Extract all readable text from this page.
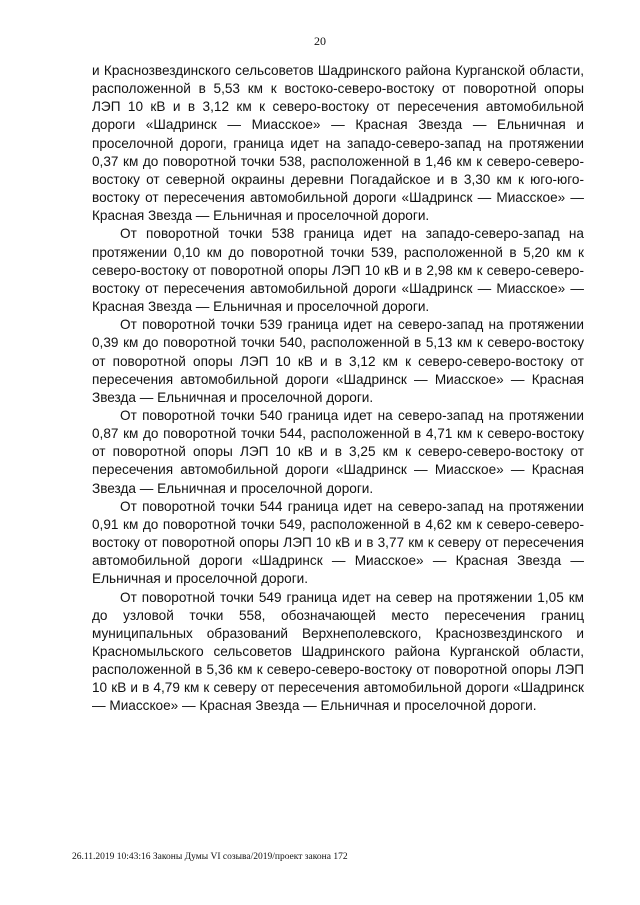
20

и Краснозвездинского сельсоветов Шадринского района Курганской области, расположенной в 5,53 км к востоко-северо-востоку от поворотной опоры ЛЭП 10 кВ и в 3,12 км к северо-востоку от пересечения автомобильной дороги «Шадринск — Миасское» — Красная Звезда — Ельничная и проселочной дороги, граница идет на западо-северо-запад на протяжении 0,37 км до поворотной точки 538, расположенной в 1,46 км к северо-северо-востоку от северной окраины деревни Погадайское и в 3,30 км к юго-юго-востоку от пересечения автомобильной дороги «Шадринск — Миасское» — Красная Звезда — Ельничная и проселочной дороги.

От поворотной точки 538 граница идет на западо-северо-запад на протяжении 0,10 км до поворотной точки 539, расположенной в 5,20 км к северо-востоку от поворотной опоры ЛЭП 10 кВ и в 2,98 км к северо-северо-востоку от пересечения автомобильной дороги «Шадринск — Миасское» — Красная Звезда — Ельничная и проселочной дороги.

От поворотной точки 539 граница идет на северо-запад на протяжении 0,39 км до поворотной точки 540, расположенной в 5,13 км к северо-востоку от поворотной опоры ЛЭП 10 кВ и в 3,12 км к северо-северо-востоку от пересечения автомобильной дороги «Шадринск — Миасское» — Красная Звезда — Ельничная и проселочной дороги.

От поворотной точки 540 граница идет на северо-запад на протяжении 0,87 км до поворотной точки 544, расположенной в 4,71 км к северо-востоку от поворотной опоры ЛЭП 10 кВ и в 3,25 км к северо-северо-востоку от пересечения автомобильной дороги «Шадринск — Миасское» — Красная Звезда — Ельничная и проселочной дороги.

От поворотной точки 544 граница идет на северо-запад на протяжении 0,91 км до поворотной точки 549, расположенной в 4,62 км к северо-северо-востоку от поворотной опоры ЛЭП 10 кВ и в 3,77 км к северу от пересечения автомобильной дороги «Шадринск — Миасское» — Красная Звезда — Ельничная и проселочной дороги.

От поворотной точки 549 граница идет на север на протяжении 1,05 км до узловой точки 558, обозначающей место пересечения границ муниципальных образований Верхнеполевского, Краснозвездинского и Красномыльского сельсоветов Шадринского района Курганской области, расположенной в 5,36 км к северо-северо-востоку от поворотной опоры ЛЭП 10 кВ и в 4,79 км к северу от пересечения автомобильной дороги «Шадринск — Миасское» — Красная Звезда — Ельничная и проселочной дороги.

26.11.2019 10:43:16 Законы Думы VI созыва/2019/проект закона 172
